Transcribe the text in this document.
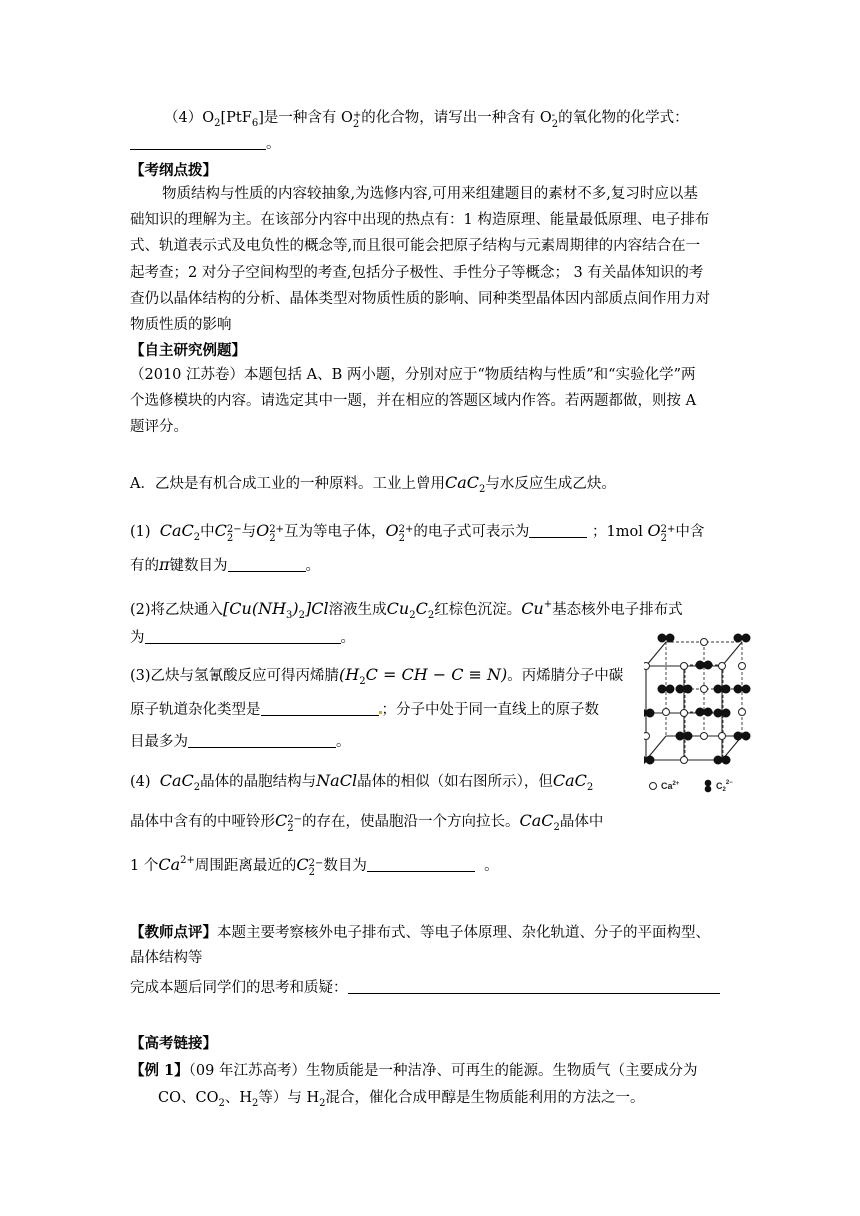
$(4)O_2[PtF_6]$是一种含有 O +
2 的化合物，请写出一种含有 O -
2 的氧化物的化学式：
。
【考纲点拨】
物质结构与性质的内容较抽象,为选修内容,可用来组建题目的素材不多,复习时应以基
础知识的理解为主。在该部分内容中出现的热点有：1 构造原理、能量最低原理、电子排布
式、轨道表示式及电负性的概念等,而且很可能会把原子结构与元素周期律的内容结合在一
起考查；2 对分子空间构型的考查,包括分子极性、手性分子等概念； 3 有关晶体知识的考
查仍以晶体结构的分析、晶体类型对物质性质的影响、同种类型晶体因内部质点间作用力对
物质性质的影响
【自主研究例题】
（2010 江苏卷）本题包括 A、B 两小题，分别对应于“物质结构与性质”和“实验化学”两
个选修模块的内容。请选定其中一题，并在相应的答题区域内作答。若两题都做，则按 A
题评分。
A．乙炔是有机合成工业的一种原料。工业上曾用CaC$_2$与水反应生成乙炔。
(1) CaC$_2$中C 2−
2 与O 2+
2 互为等电子体，O 2+
2 的电子式可表示为	；1mol O 2+
2 中含
有的π键数目为	。
(2)将乙炔通入$[Cu(NH_3)_2]Cl$溶液生成$Cu_2C_2$红棕色沉淀。Cu+基态核外电子排布式
为	。
(3)乙炔与氢氰酸反应可得丙烯腈($H_2C$ = CH − C ≡ N)。丙烯腈分子中碳
原子轨道杂化类型是	；分子中处于同一直线上的原子数
目最多为	。
(4) CaC$_2$晶体的晶胞结构与NaCl晶体的相似（如右图所示），但CaC$_2$
晶体中含有的中哑铃形C 2−
2 的存在，使晶胞沿一个方向拉长。CaC$_2$晶体中
1 个$Ca^{2+}$周围距离最近的C 2−
2 数目为	。
$Ca^{2+}$	$C_2^{2-}$
【教师点评】本题主要考察核外电子排布式、等电子体原理、杂化轨道、分子的平面构型、
晶体结构等
完成本题后同学们的思考和质疑：
【高考链接】
【例 1】（09 年江苏高考）生物质能是一种洁净、可再生的能源。生物质气（主要成分为
CO、$CO_2$、$H_2$等）与 $H_2$混合，催化合成甲醇是生物质能利用的方法之一。
